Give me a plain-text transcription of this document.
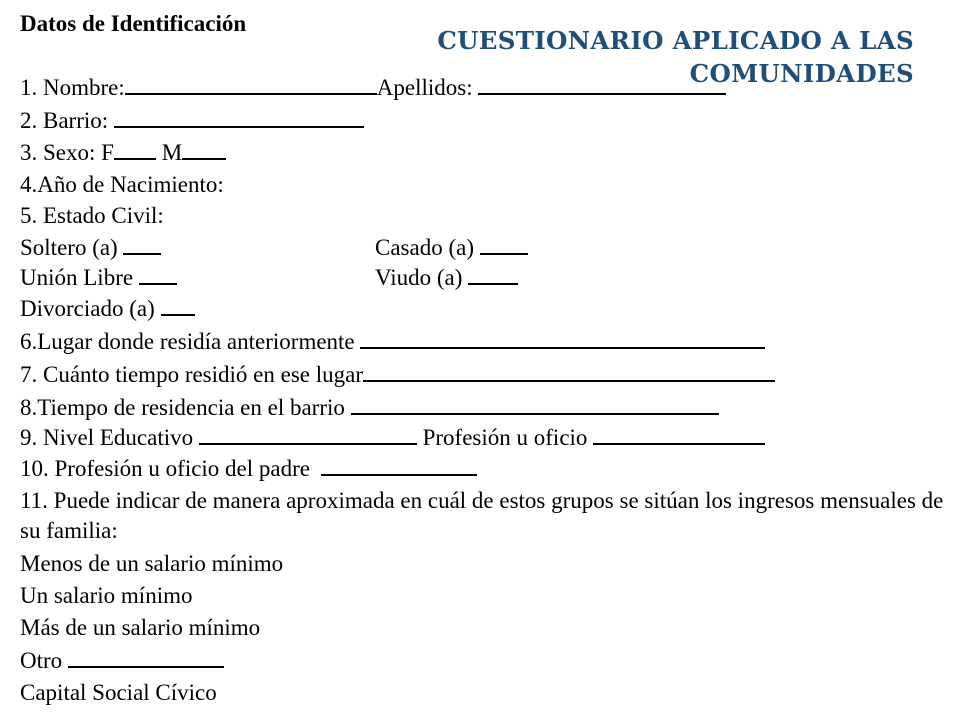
CUESTIONARIO APLICADO A LAS COMUNIDADES
Datos de Identificación
1. Nombre:	Apellidos:
2. Barrio:
3. Sexo: F M
4.Año de Nacimiento:
5. Estado Civil:
Soltero (a)	Casado (a)
Unión Libre	Viudo (a)
Divorciado (a)
6.Lugar donde residía anteriormente
7. Cuánto tiempo residió en ese lugar
8.Tiempo de residencia en el barrio
9. Nivel Educativo	Profesión u oficio
10. Profesión u oficio del padre
11. Puede indicar de manera aproximada en cuál de estos grupos se sitúan los ingresos mensuales de su familia:
Menos de un salario mínimo
Un salario mínimo
Más de un salario mínimo
Otro
Capital Social Cívico
